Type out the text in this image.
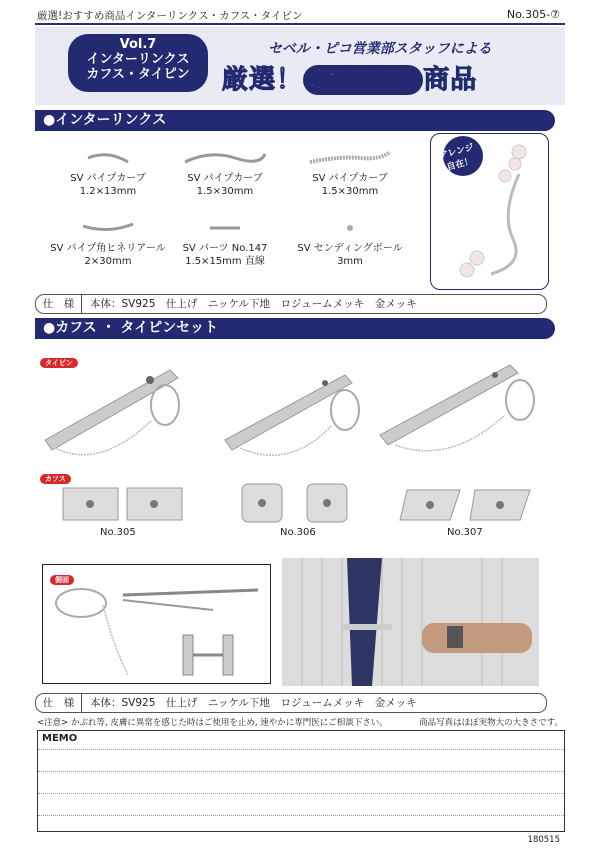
厳選!おすすめ商品インターリンクス・カフス・タイピン	No.305-⑦
Vol.7
インターリンクス
カフス・タイピン
セベル・ピコ営業部スタッフによる
厳選！ おすすめ 商品
●インターリンクス
SV パイプカーブ
1.2×13mm
SV パイプカーブ
1.5×30mm
SV パイプカーブ
1.5×30mm
SV パイプ角ヒネリアール
2×30mm
SV パーツ No.147
1.5×15mm 直線
SV センディングボール
3mm
アレンジ自在！
仕　様 本体：SV925　仕上げ　ニッケル下地　ロジュームメッキ　金メッキ
●カフス ・ タイピンセット
タイピン
カフス
No.305	No.306	No.307
側面
仕　様 本体：SV925　仕上げ　ニッケル下地　ロジュームメッキ　金メッキ
<注意> かぶれ等, 皮膚に異常を感じた時はご使用を止め, 速やかに専門医にご相談下さい。	商品写真はほぼ実物大の大きさです。
MEMO
180515
